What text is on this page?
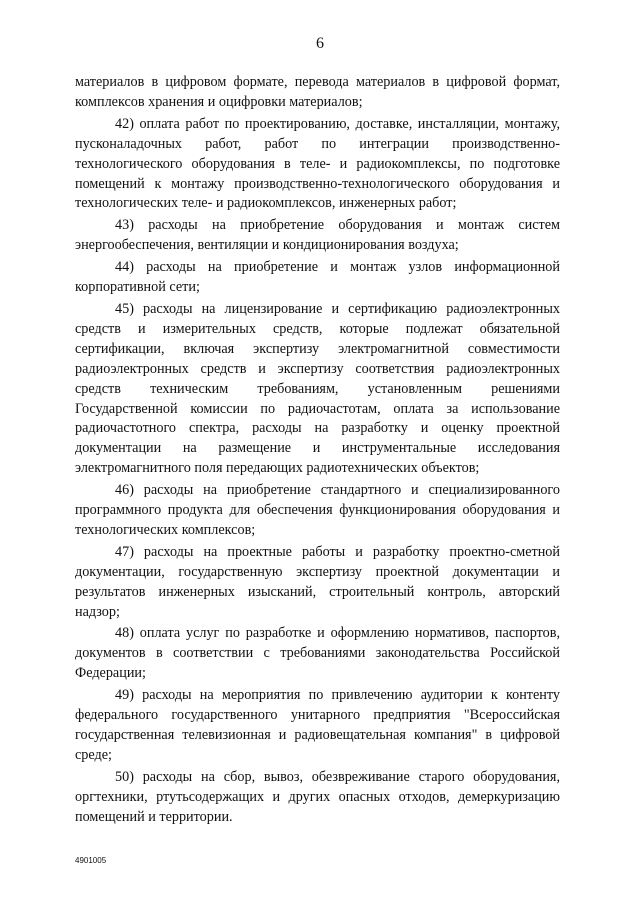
6

материалов в цифровом формате, перевода материалов в цифровой формат, комплексов хранения и оцифровки материалов;

42) оплата работ по проектированию, доставке, инсталляции, монтажу, пусконаладочных работ, работ по интеграции производственно-технологического оборудования в теле- и радиокомплексы, по подготовке помещений к монтажу производственно-технологического оборудования и технологических теле- и радиокомплексов, инженерных работ;

43) расходы на приобретение оборудования и монтаж систем энергообеспечения, вентиляции и кондиционирования воздуха;

44) расходы на приобретение и монтаж узлов информационной корпоративной сети;

45) расходы на лицензирование и сертификацию радиоэлектронных средств и измерительных средств, которые подлежат обязательной сертификации, включая экспертизу электромагнитной совместимости радиоэлектронных средств и экспертизу соответствия радиоэлектронных средств техническим требованиям, установленным решениями Государственной комиссии по радиочастотам, оплата за использование радиочастотного спектра, расходы на разработку и оценку проектной документации на размещение и инструментальные исследования электромагнитного поля передающих радиотехнических объектов;

46) расходы на приобретение стандартного и специализированного программного продукта для обеспечения функционирования оборудования и технологических комплексов;

47) расходы на проектные работы и разработку проектно-сметной документации, государственную экспертизу проектной документации и результатов инженерных изысканий, строительный контроль, авторский надзор;

48) оплата услуг по разработке и оформлению нормативов, паспортов, документов в соответствии с требованиями законодательства Российской Федерации;

49) расходы на мероприятия по привлечению аудитории к контенту федерального государственного унитарного предприятия "Всероссийская государственная телевизионная и радиовещательная компания" в цифровой среде;

50) расходы на сбор, вывоз, обезвреживание старого оборудования, оргтехники, ртутьсодержащих и других опасных отходов, демеркуризацию помещений и территории.

4901005
